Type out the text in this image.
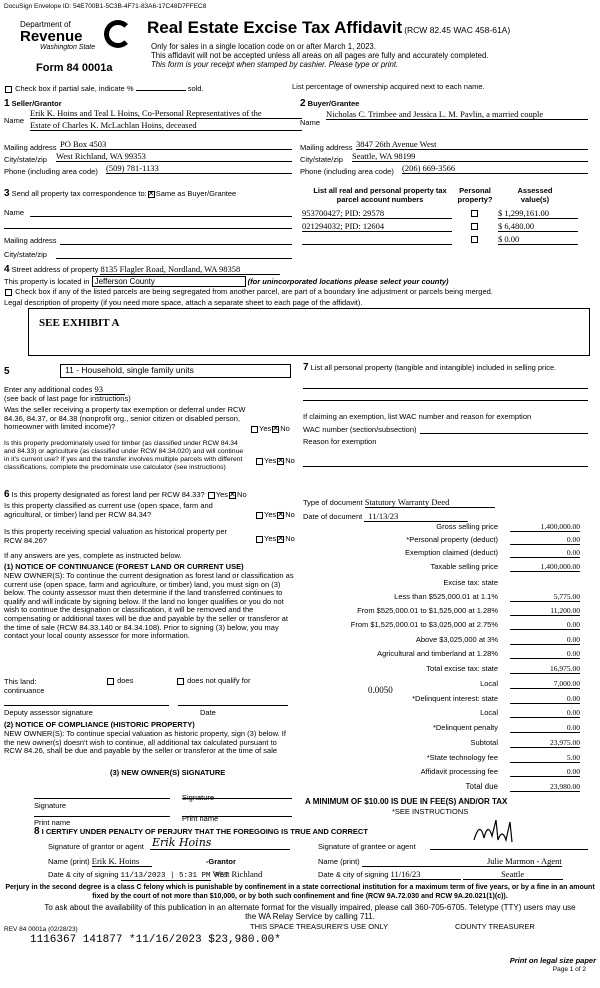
DocuSign Envelope ID: 54E700B1-5C3B-4F71-83A6-17C48D7FFEC8
Department of
Revenue
Washington State
Form 84 0001a
Real Estate Excise Tax Affidavit (RCW 82.45 WAC 458-61A)
Only for sales in a single location code on or after March 1, 2023.
This affidavit will not be accepted unless all areas on all pages are fully and accurately completed.
This form is your receipt when stamped by cashier. Please type or print.
Check box if partial sale, indicate %	sold.	List percentage of ownership acquired next to each name.
1 Seller/Grantor
Name
Erik K. Hoins and Teal L Hoins, Co-Personal Representatives of the
Estate of Charles K. McLachlan Hoins, deceased
Mailing address PO Box 4503
City/state/zip West Richland, WA 99353
Phone (including area code) (509) 781-1133
2 Buyer/Grantee
Name
Nicholas C. Trimbee and Jessica L. M. Pavlin, a married couple
Mailing address 3847 26th Avenue West
City/state/zip Seattle, WA 98199
Phone (including area code) (206) 669-3566
3 Send all property tax correspondence to: ✕ Same as Buyer/Grantee
Name
Mailing address
City/state/zip
List all real and personal property tax parcel account numbers
Personal property?
Assessed value(s)
953700427; PID: 29578	$ 1,299,161.00
021294032; PID: 12604	$ 6,480.00
$ 0.00
4 Street address of property 8135 Flagler Road, Nordland, WA 98358
This property is located in Jefferson County	(for unincorporated locations please select your county)
Check box if any of the listed parcels are being segregated from another parcel, are part of a boundary line adjustment or parcels being merged.
Legal description of property (if you need more space, attach a separate sheet to each page of the affidavit).
SEE EXHIBIT A
5	11 - Household, single family units
Enter any additional codes 93
(see back of last page for instructions)
Was the seller receiving a property tax exemption or deferral under RCW 84.36, 84.37, or 84.38 (nonprofit org., senior citizen or disabled person, homeowner with limited income)?	Yes ✕ No
Is this property predominately used for timber (as classified under RCW 84.34 and 84.33) or agriculture (as classified under RCW 84.34.020) and will continue in it's current use? If yes and the transfer involves multiple parcels with different classifications, complete the predominate use calculator (see instructions)
Yes ✕ No
7 List all personal property (tangible and intangible) included in selling price.
If claiming an exemption, list WAC number and reason for exemption
WAC number (section/subsection)
Reason for exemption
6 Is this property designated as forest land per RCW 84.33? Yes ✕ No
Is this property classified as current use (open space, farm and agricultural, or timber) land per RCW 84.34?	Yes ✕ No
Is this property receiving special valuation as historical property per RCW 84.26?	Yes ✕ No
If any answers are yes, complete as instructed below.
(1) NOTICE OF CONTINUANCE (FOREST LAND OR CURRENT USE)
NEW OWNER(S): To continue the current designation as forest land or classification as current use (open space, farm and agriculture, or timber) land, you must sign on (3) below. The county assessor must then determine if the land transferred continues to qualify and will indicate by signing below. If the land no longer qualifies or you do not wish to continue the designation or classification, it will be removed and the compensating or additional taxes will be due and payable by the seller or transferor at the time of sale (RCW 84.33.140 or 84.34.108). Prior to signing (3) below, you may contact your local county assessor for more information.
This land:
continuance
does	does not qualify for
Deputy assessor signature	Date
(2) NOTICE OF COMPLIANCE (HISTORIC PROPERTY)
NEW OWNER(S): To continue special valuation as historic property, sign (3) below. If the new owner(s) doesn't wish to continue, all additional tax calculated pursuant to RCW 84.26, shall be due and payable by the seller or transferor at the time of sale
(3) NEW OWNER(S) SIGNATURE
Signature
Signature
Print name	Print name
Type of document Statutory Warranty Deed
Date of document 11/13/23
Gross selling price	1,400,000.00
*Personal property (deduct)	0.00
Exemption claimed (deduct)	0.00
Taxable selling price	1,400,000.00
Excise tax: state
Less than $525,000.01 at 1.1%	5,775.00
From $525,000.01 to $1,525,000 at 1.28%	11,200.00
From $1,525,000.01 to $3,025,000 at 2.75%	0.00
Above $3,025,000 at 3%	0.00
Agricultural and timberland at 1.28%	0.00
Total excise tax: state	16,975.00
Local	7,000.00
*Delinquent interest: state	0.00
Local	0.00
*Delinquent penalty	0.00
Subtotal	23,975.00
*State technology fee	5.00
Affidavit processing fee	0.00
Total due	23,980.00
0.0050
A MINIMUM OF $10.00 IS DUE IN FEE(S) AND/OR TAX
*SEE INSTRUCTIONS
8 I CERTIFY UNDER PENALTY OF PERJURY THAT THE FOREGOING IS TRUE AND CORRECT
Signature of grantor or agent Erik Hoins
Name (print) Erik K. Hoins	-Grantor
Date & city of signing 11/13/2023 | 5:31 PM PST West Richland
Signature of grantee or agent
Name (print)	Julie Marmon - Agent
Date & city of signing 11/16/23	Seattle
Perjury in the second degree is a class C felony which is punishable by confinement in a state correctional institution for a maximum term of five years, or by a fine in an amount fixed by the court of not more than $10,000, or by both such confinement and fine (RCW 9A.72.030 and RCW 9A.20.021(1)(c)).
To ask about the availability of this publication in an alternate format for the visually impaired, please call 360-705-6705. Teletype (TTY) users may use the WA Relay Service by calling 711.
REV 84 0001a (02/28/23)	THIS SPACE TREASURER'S USE ONLY	COUNTY TREASURER
1116367 141877 *11/16/2023 $23,980.00*
Print on legal size paper
Page 1 of 2
